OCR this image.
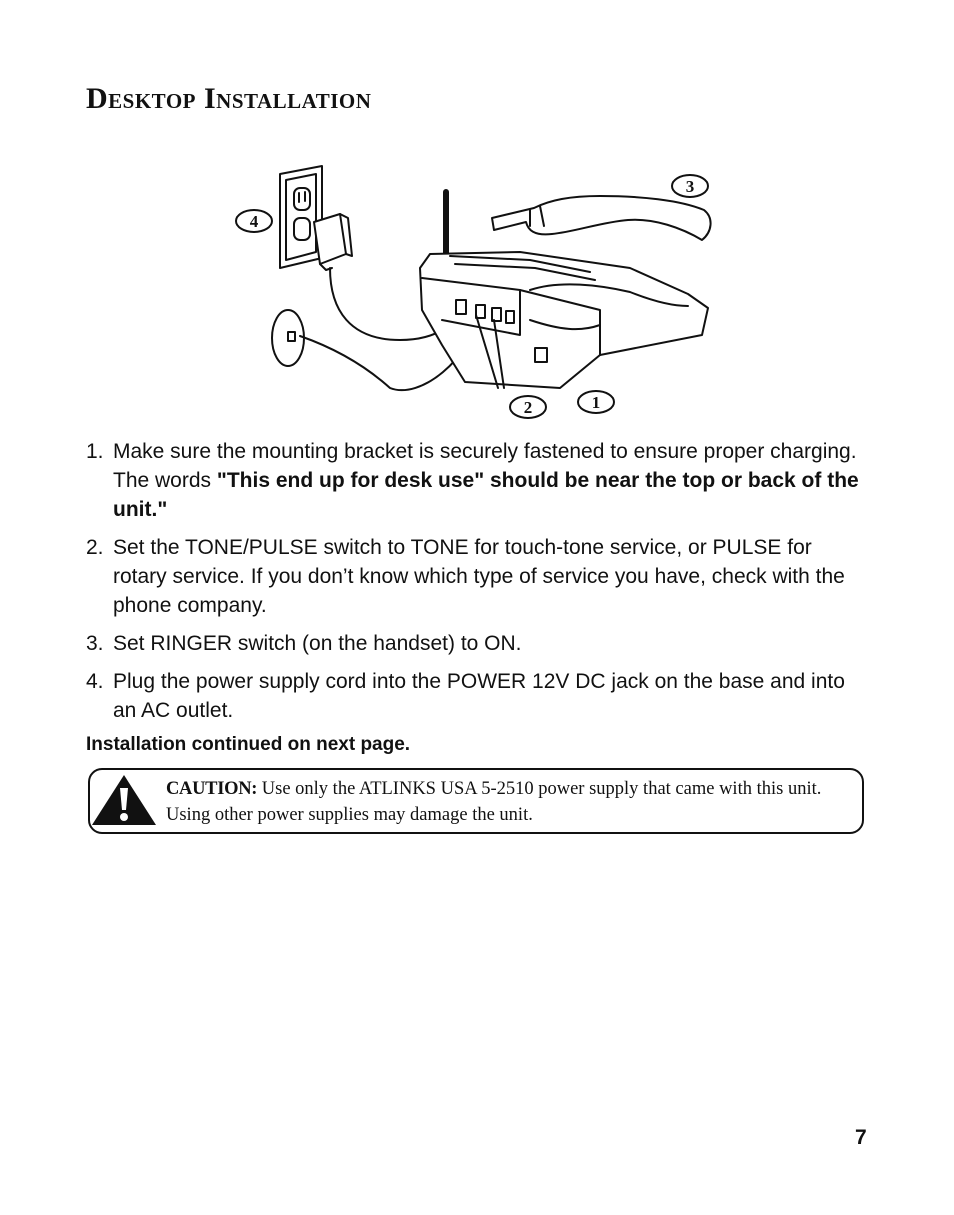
Desktop Installation
3
4
2	1
1. Make sure the mounting bracket is securely fastened to ensure proper charging. The words "This end up for desk use" should be near the top or back of the unit."
2. Set the TONE/PULSE switch to TONE for touch-tone service, or PULSE for rotary service. If you don’t know which type of service you have, check with the phone company.
3. Set RINGER switch (on the handset) to ON.
4. Plug the power supply cord into the POWER 12V DC jack on the base and into an AC outlet.
Installation continued on next page.
CAUTION: Use only the ATLINKS USA 5-2510 power supply that came with this unit. Using other power supplies may damage the unit.
7
